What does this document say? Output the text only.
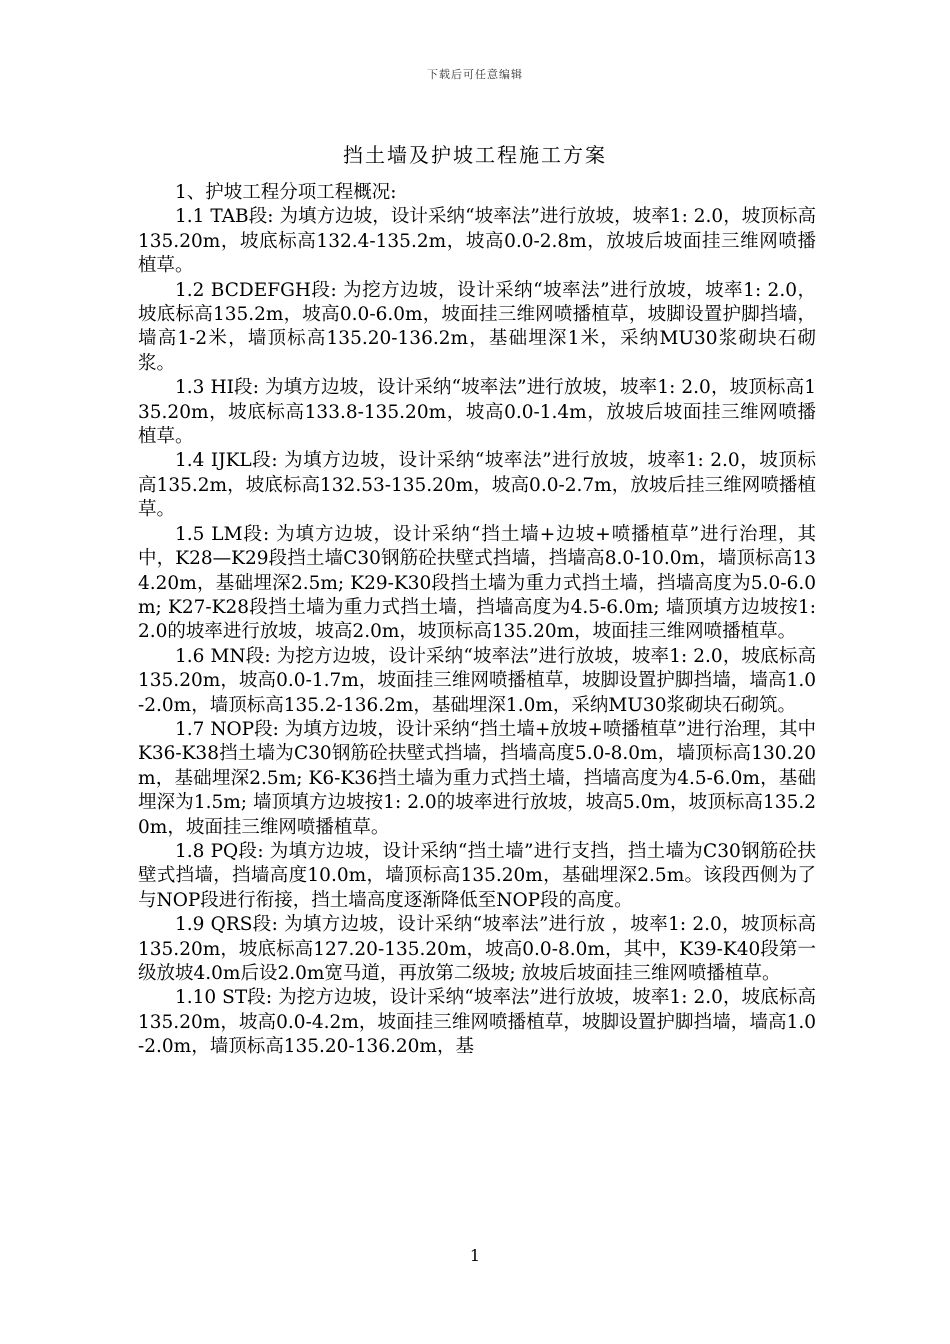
下载后可任意编辑
挡土墙及护坡工程施工方案

1、护坡工程分项工程概况:

1.1 TAB段: 为填方边坡，设计采纳“坡率法”进行放坡，坡率1: 2.0，坡顶标高135.20m，坡底标高132.4-135.2m，坡高0.0-2.8m，放坡后坡面挂三维网喷播植草。

1.2 BCDEFGH段: 为挖方边坡，设计采纳“坡率法”进行放坡，坡率1: 2.0，坡底标高135.2m，坡高0.0-6.0m，坡面挂三维网喷播植草，坡脚设置护脚挡墙，墙高1-2米，墙顶标高135.20-136.2m，基础埋深1米，采纳MU30浆砌块石砌浆。

1.3 HI段: 为填方边坡，设计采纳“坡率法”进行放坡，坡率1: 2.0，坡顶标高135.20m，坡底标高133.8-135.20m，坡高0.0-1.4m，放坡后坡面挂三维网喷播植草。

1.4 IJKL段: 为填方边坡，设计采纳“坡率法”进行放坡，坡率1: 2.0，坡顶标高135.2m，坡底标高132.53-135.20m，坡高0.0-2.7m，放坡后挂三维网喷播植草。

1.5 LM段: 为填方边坡，设计采纳“挡土墙+边坡+喷播植草”进行治理，其中，K28—K29段挡土墙C30钢筋砼扶壁式挡墙，挡墙高8.0-10.0m，墙顶标高134.20m，基础埋深2.5m; K29-K30段挡土墙为重力式挡土墙，挡墙高度为5.0-6.0m; K27-K28段挡土墙为重力式挡土墙，挡墙高度为4.5-6.0m; 墙顶填方边坡按1: 2.0的坡率进行放坡，坡高2.0m，坡顶标高135.20m，坡面挂三维网喷播植草。

1.6 MN段: 为挖方边坡，设计采纳“坡率法”进行放坡，坡率1: 2.0，坡底标高135.20m，坡高0.0-1.7m，坡面挂三维网喷播植草，坡脚设置护脚挡墙，墙高1.0-2.0m，墙顶标高135.2-136.2m，基础埋深1.0m，采纳MU30浆砌块石砌筑。

1.7 NOP段: 为填方边坡，设计采纳“挡土墙+放坡+喷播植草”进行治理，其中K36-K38挡土墙为C30钢筋砼扶壁式挡墙，挡墙高度5.0-8.0m，墙顶标高130.20m，基础埋深2.5m; K6-K36挡土墙为重力式挡土墙，挡墙高度为4.5-6.0m，基础埋深为1.5m; 墙顶填方边坡按1: 2.0的坡率进行放坡，坡高5.0m，坡顶标高135.20m，坡面挂三维网喷播植草。

1.8 PQ段: 为填方边坡，设计采纳“挡土墙”进行支挡，挡土墙为C30钢筋砼扶壁式挡墙，挡墙高度10.0m，墙顶标高135.20m，基础埋深2.5m。该段西侧为了与NOP段进行衔接，挡土墙高度逐渐降低至NOP段的高度。

1.9 QRS段: 为填方边坡，设计采纳“坡率法”进行放 ，坡率1: 2.0，坡顶标高135.20m，坡底标高127.20-135.20m，坡高0.0-8.0m，其中，K39-K40段第一级放坡4.0m后设2.0m宽马道，再放第二级坡; 放坡后坡面挂三维网喷播植草。

1.10 ST段: 为挖方边坡，设计采纳“坡率法”进行放坡，坡率1: 2.0，坡底标高135.20m，坡高0.0-4.2m，坡面挂三维网喷播植草，坡脚设置护脚挡墙，墙高1.0-2.0m，墙顶标高135.20-136.20m，基

1
